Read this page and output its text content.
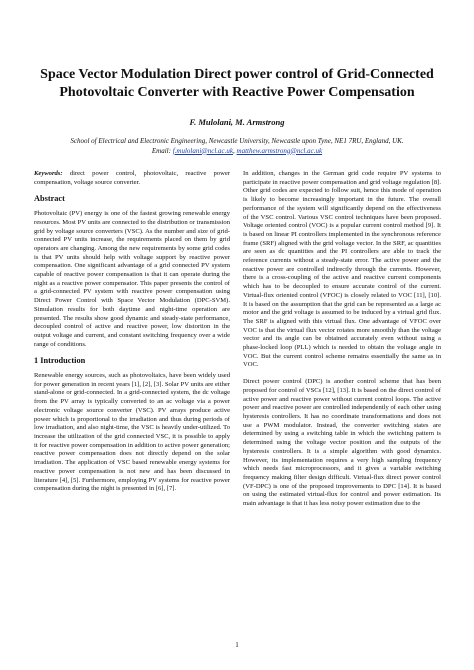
Space Vector Modulation Direct power control of Grid-Connected
Photovoltaic Converter with Reactive Power Compensation

F. Mulolani, M. Armstrong

School of Electrical and Electronic Engineering, Newcastle University, Newcastle upon Tyne, NE1 7RU, England, UK.
Email: f.mulolani@ncl.ac.uk, matthew.armstrong@ncl.ac.uk

Keywords: direct power control, photovoltaic, reactive power compensation, voltage source converter.

Abstract

Photovoltaic (PV) energy is one of the fastest growing renewable energy resources. Most PV units are connected to the distribution or transmission grid by voltage source converters (VSC). As the number and size of grid-connected PV units increase, the requirements placed on them by grid operators are changing. Among the new requirements by some grid codes is that PV units should help with voltage support by reactive power compensation. One significant advantage of a grid connected PV system capable of reactive power compensation is that it can operate during the night as a reactive power compensator. This paper presents the control of a grid-connected PV system with reactive power compensation using Direct Power Control with Space Vector Modulation (DPC-SVM). Simulation results for both daytime and night-time operation are presented. The results show good dynamic and steady-state performance, decoupled control of active and reactive power, low distortion in the output voltage and current, and constant switching frequency over a wide range of conditions.

1 Introduction

Renewable energy sources, such as photovoltaics, have been widely used for power generation in recent years [1], [2], [3]. Solar PV units are either stand-alone or grid-connected. In a grid-connected system, the dc voltage from the PV array is typically converted to an ac voltage via a power electronic voltage source converter (VSC). PV arrays produce active power which is proportional to the irradiation and thus during periods of low irradiation, and also night-time, the VSC is heavily under-utilized. To increase the utilization of the grid connected VSC, it is possible to apply it for reactive power compensation in addition to active power generation; reactive power compensation does not directly depend on the solar irradiation. The application of VSC based renewable energy systems for reactive power compensation is not new and has been discussed in literature [4], [5]. Furthermore, employing PV systems for reactive power compensation during the night is presented in [6], [7].

In addition, changes in the German grid code require PV systems to participate in reactive power compensation and grid voltage regulation [8]. Other grid codes are expected to follow suit, hence this mode of operation is likely to become increasingly important in the future. The overall performance of the system will significantly depend on the effectiveness of the VSC control. Various VSC control techniques have been proposed. Voltage oriented control (VOC) is a popular current control method [9]. It is based on linear PI controllers implemented in the synchronous reference frame (SRF) aligned with the grid voltage vector. In the SRF, ac quantities are seen as dc quantities and the PI controllers are able to track the reference currents without a steady-state error. The active power and the reactive power are controlled indirectly through the currents. However, there is a cross-coupling of the active and reactive current components which has to be decoupled to ensure accurate control of the current. Virtual-flux oriented control (VFOC) is closely related to VOC [11], [10]. It is based on the assumption that the grid can be represented as a large ac motor and the grid voltage is assumed to be induced by a virtual grid flux. The SRF is aligned with this virtual flux. One advantage of VFOC over VOC is that the virtual flux vector rotates more smoothly than the voltage vector and its angle can be obtained accurately even without using a phase-locked loop (PLL) which is needed to obtain the voltage angle in VOC. But the current control scheme remains essentially the same as in VOC.

Direct power control (DPC) is another control scheme that has been proposed for control of VSCs [12], [13]. It is based on the direct control of active power and reactive power without current control loops. The active power and reactive power are controlled independently of each other using hysteresis controllers. It has no coordinate transformations and does not use a PWM modulator. Instead, the converter switching states are determined by using a switching table in which the switching pattern is determined using the voltage vector position and the outputs of the hysteresis controllers. It is a simple algorithm with good dynamics. However, its implementation requires a very high sampling frequency which needs fast microprocessors, and it gives a variable switching frequency making filter design difficult. Virtual-flux direct power control (VF-DPC) is one of the proposed improvements to DPC [14]. It is based on using the estimated virtual-flux for control and power estimation. Its main advantage is that it has less noisy power estimation due to the

1
